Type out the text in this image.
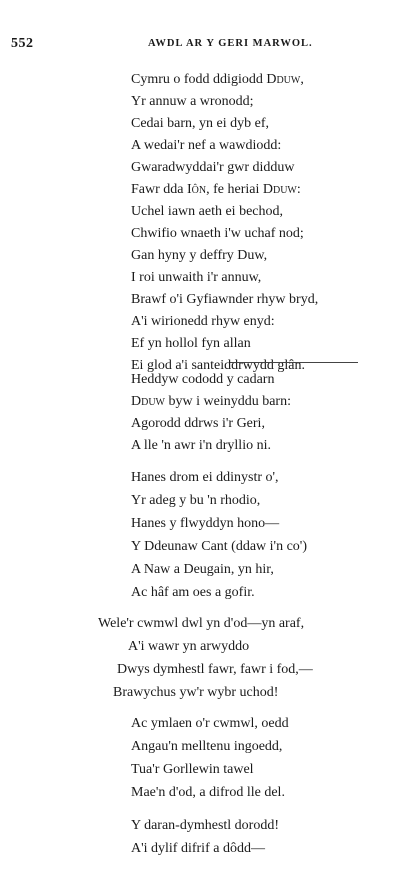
552	AWDL AR Y GERI MARWOL.
Cymru o fodd ddigiodd Dduw,
Yr annuw a wronodd;
Cedai barn, yn ei dyb ef,
A wedai'r nef a wawdiodd:
Gwaradwyddai'r gwr didduw
Fawr dda Iôn, fe heriai Dduw:
Uchel iawn aeth ei bechod,
Chwifio wnaeth i'w uchaf nod;
Gan hyny y deffry Duw,
I roi unwaith i'r annuw,
Brawf o'i Gyfiawnder rhyw bryd,
A'i wirionedd rhyw enyd:
Ef yn hollol fyn allan
Ei glod a'i santeiddrwydd glân.
Heddyw cododd y cadarn
Dduw byw i weinyddu barn:
Agorodd ddrws i'r Geri,
A lle 'n awr i'n dryllio ni.
Hanes drom ei ddinystr o',
Yr adeg y bu 'n rhodio,
Hanes y flwyddyn hono—
Y Ddeunaw Cant (ddaw i'n co')
A Naw a Deugain, yn hir,
Ac hâf am oes a gofir.
Wele'r cwmwl dwl yn d'od—yn araf,
A'i wawr yn arwyddo
Dwys dymhestl fawr, fawr i fod,—
Brawychus yw'r wybr uchod!
Ac ymlaen o'r cwmwl, oedd
Angau'n melltenu ingoedd,
Tua'r Gorllewin tawel
Mae'n d'od, a difrod lle del.
Y daran-dymhestl dorodd!
A'i dylif difrif a dôdd—
